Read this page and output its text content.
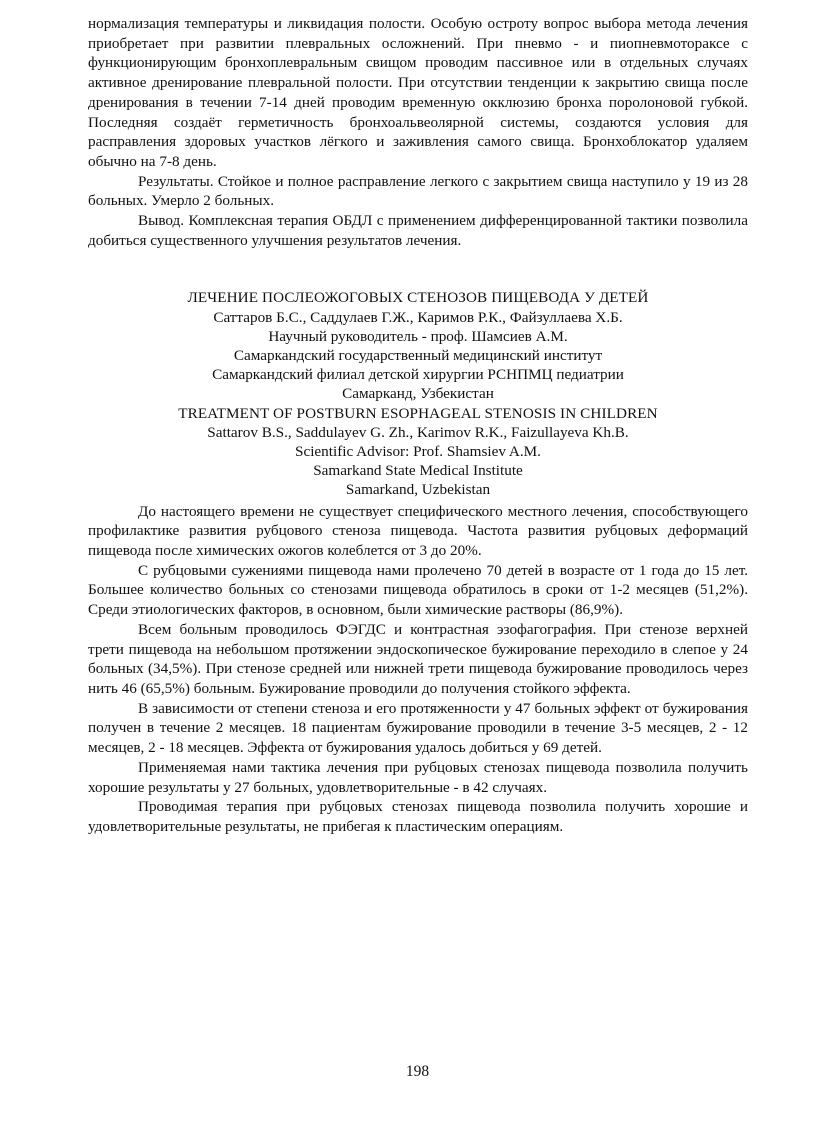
нормализация температуры и ликвидация полости. Особую остроту вопрос выбора метода лечения приобретает при развитии плевральных осложнений. При пневмо - и пиопневмотораксе с функционирующим бронхоплевральным свищом проводим пассивное или в отдельных случаях активное дренирование плевральной полости. При отсутствии тенденции к закрытию свища после дренирования в течении 7-14 дней проводим временную окклюзию бронха поролоновой губкой. Последняя создаёт герметичность бронхоальвеолярной системы, создаются условия для расправления здоровых участков лёгкого и заживления самого свища. Бронхоблокатор удаляем обычно на 7-8 день.

Результаты. Стойкое и полное расправление легкого с закрытием свища наступило у 19 из 28 больных. Умерло 2 больных.

Вывод. Комплексная терапия ОБДЛ с применением дифференцированной тактики позволила добиться существенного улучшения результатов лечения.

ЛЕЧЕНИЕ ПОСЛЕОЖОГОВЫХ СТЕНОЗОВ ПИЩЕВОДА У ДЕТЕЙ
Саттаров Б.С., Саддулаев Г.Ж., Каримов Р.К., Файзуллаева Х.Б.
Научный руководитель - проф. Шамсиев А.М.
Самаркандский государственный медицинский институт
Самаркандский филиал детской хирургии РСНПМЦ педиатрии
Самарканд, Узбекистан
TREATMENT OF POSTBURN ESOPHAGEAL STENOSIS IN CHILDREN
Sattarov B.S., Saddulayev G. Zh., Karimov R.K., Faizullayeva Kh.B.
Scientific Advisor: Prof. Shamsiev A.M.
Samarkand State Medical Institute
Samarkand, Uzbekistan

До настоящего времени не существует специфического местного лечения, способствующего профилактике развития рубцового стеноза пищевода. Частота развития рубцовых деформаций пищевода после химических ожогов колеблется от 3 до 20%.

С рубцовыми сужениями пищевода нами пролечено 70 детей в возрасте от 1 года до 15 лет. Большее количество больных со стенозами пищевода обратилось в сроки от 1-2 месяцев (51,2%). Среди этиологических факторов, в основном, были химические растворы (86,9%).

Всем больным проводилось ФЭГДС и контрастная эзофагография. При стенозе верхней трети пищевода на небольшом протяжении эндоскопическое бужирование переходило в слепое у 24 больных (34,5%). При стенозе средней или нижней трети пищевода бужирование проводилось через нить 46 (65,5%) больным. Бужирование проводили до получения стойкого эффекта.

В зависимости от степени стеноза и его протяженности у 47 больных эффект от бужирования получен в течение 2 месяцев. 18 пациентам бужирование проводили в течение 3-5 месяцев, 2 - 12 месяцев, 2 - 18 месяцев. Эффекта от бужирования удалось добиться у 69 детей.

Применяемая нами тактика лечения при рубцовых стенозах пищевода позволила получить хорошие результаты у 27 больных, удовлетворительные - в 42 случаях.

Проводимая терапия при рубцовых стенозах пищевода позволила получить хорошие и удовлетворительные результаты, не прибегая к пластическим операциям.

198
